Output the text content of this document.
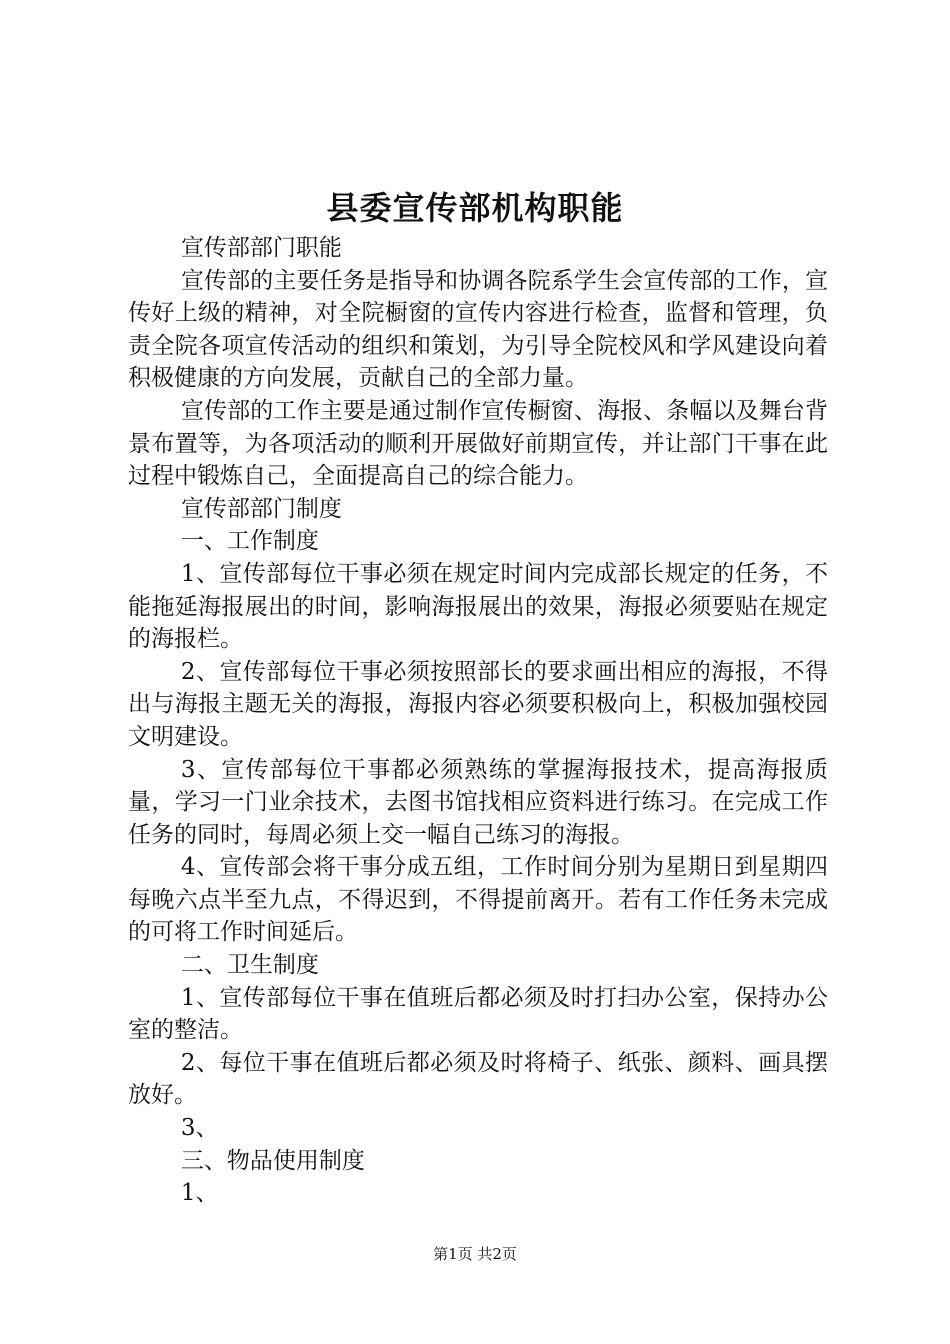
县委宣传部机构职能

宣传部部门职能

宣传部的主要任务是指导和协调各院系学生会宣传部的工作，宣传好上级的精神，对全院橱窗的宣传内容进行检查，监督和管理，负责全院各项宣传活动的组织和策划，为引导全院校风和学风建设向着积极健康的方向发展，贡献自己的全部力量。

宣传部的工作主要是通过制作宣传橱窗、海报、条幅以及舞台背景布置等，为各项活动的顺利开展做好前期宣传，并让部门干事在此过程中锻炼自己，全面提高自己的综合能力。

宣传部部门制度

一、工作制度

1、宣传部每位干事必须在规定时间内完成部长规定的任务，不能拖延海报展出的时间，影响海报展出的效果，海报必须要贴在规定的海报栏。

2、宣传部每位干事必须按照部长的要求画出相应的海报，不得出与海报主题无关的海报，海报内容必须要积极向上，积极加强校园文明建设。

3、宣传部每位干事都必须熟练的掌握海报技术，提高海报质量，学习一门业余技术，去图书馆找相应资料进行练习。在完成工作任务的同时，每周必须上交一幅自己练习的海报。

4、宣传部会将干事分成五组，工作时间分别为星期日到星期四每晚六点半至九点，不得迟到，不得提前离开。若有工作任务未完成的可将工作时间延后。

二、卫生制度

1、宣传部每位干事在值班后都必须及时打扫办公室，保持办公室的整洁。

2、每位干事在值班后都必须及时将椅子、纸张、颜料、画具摆放好。

3、

三、物品使用制度

1、

第1页 共2页
